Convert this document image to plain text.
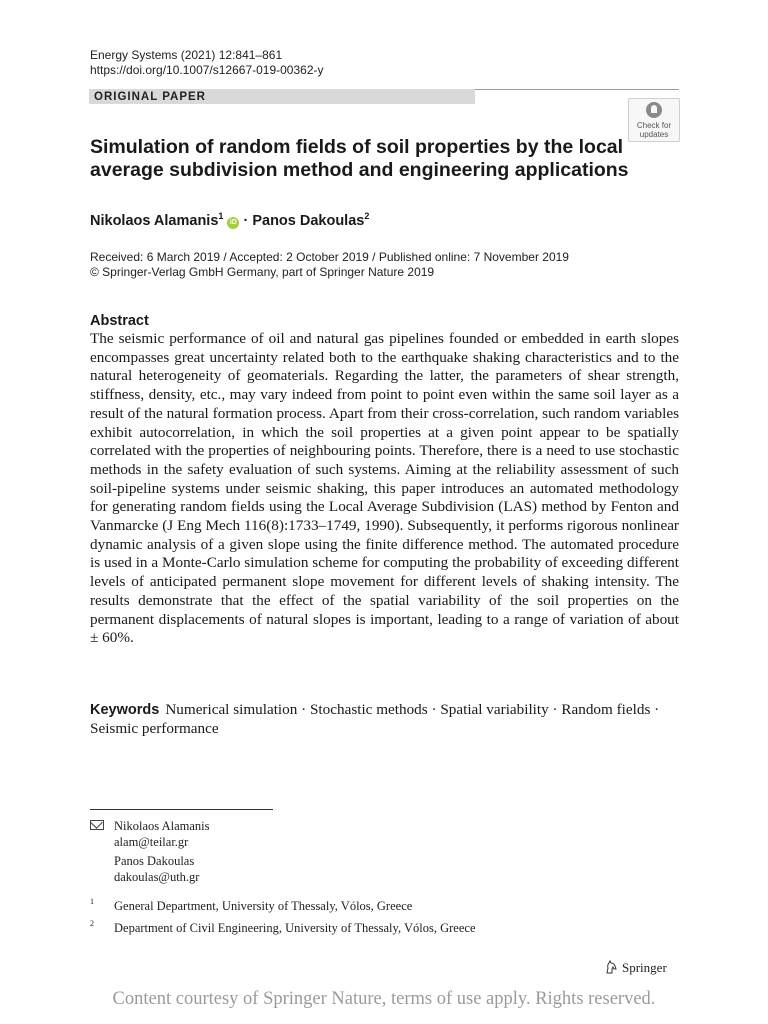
Energy Systems (2021) 12:841–861
https://doi.org/10.1007/s12667-019-00362-y
ORIGINAL PAPER
Check for
updates
Simulation of random fields of soil properties by the local average subdivision method and engineering applications
Nikolaos Alamanis$^1$iD · Panos Dakoulas$^2$
Received: 6 March 2019 / Accepted: 2 October 2019 / Published online: 7 November 2019
© Springer-Verlag GmbH Germany, part of Springer Nature 2019
Abstract
The seismic performance of oil and natural gas pipelines founded or embedded in earth slopes encompasses great uncertainty related both to the earthquake shaking characteristics and to the natural heterogeneity of geomaterials. Regarding the latter, the parameters of shear strength, stiffness, density, etc., may vary indeed from point to point even within the same soil layer as a result of the natural formation process. Apart from their cross-correlation, such random variables exhibit autocorrelation, in which the soil properties at a given point appear to be spatially correlated with the properties of neighbouring points. Therefore, there is a need to use stochastic methods in the safety evaluation of such systems. Aiming at the reliability assessment of such soil-pipeline systems under seismic shaking, this paper introduces an automated methodology for generating random fields using the Local Average Subdivision (LAS) method by Fenton and Vanmarcke (J Eng Mech 116(8):1733–1749, 1990). Subsequently, it performs rigorous nonlinear dynamic analysis of a given slope using the finite difference method. The automated procedure is used in a Monte-Carlo simulation scheme for computing the probability of exceeding different levels of anticipated permanent slope movement for different levels of shaking intensity. The results demonstrate that the effect of the spatial variability of the soil properties on the permanent displacements of natural slopes is important, leading to a range of variation of about ± 60%.
Keywords Numerical simulation · Stochastic methods · Spatial variability · Random fields · Seismic performance
Nikolaos Alamanis
alam@teilar.gr
Panos Dakoulas
dakoulas@uth.gr
1 General Department, University of Thessaly, Vólos, Greece
2 Department of Civil Engineering, University of Thessaly, Vólos, Greece
Springer
Content courtesy of Springer Nature, terms of use apply. Rights reserved.
